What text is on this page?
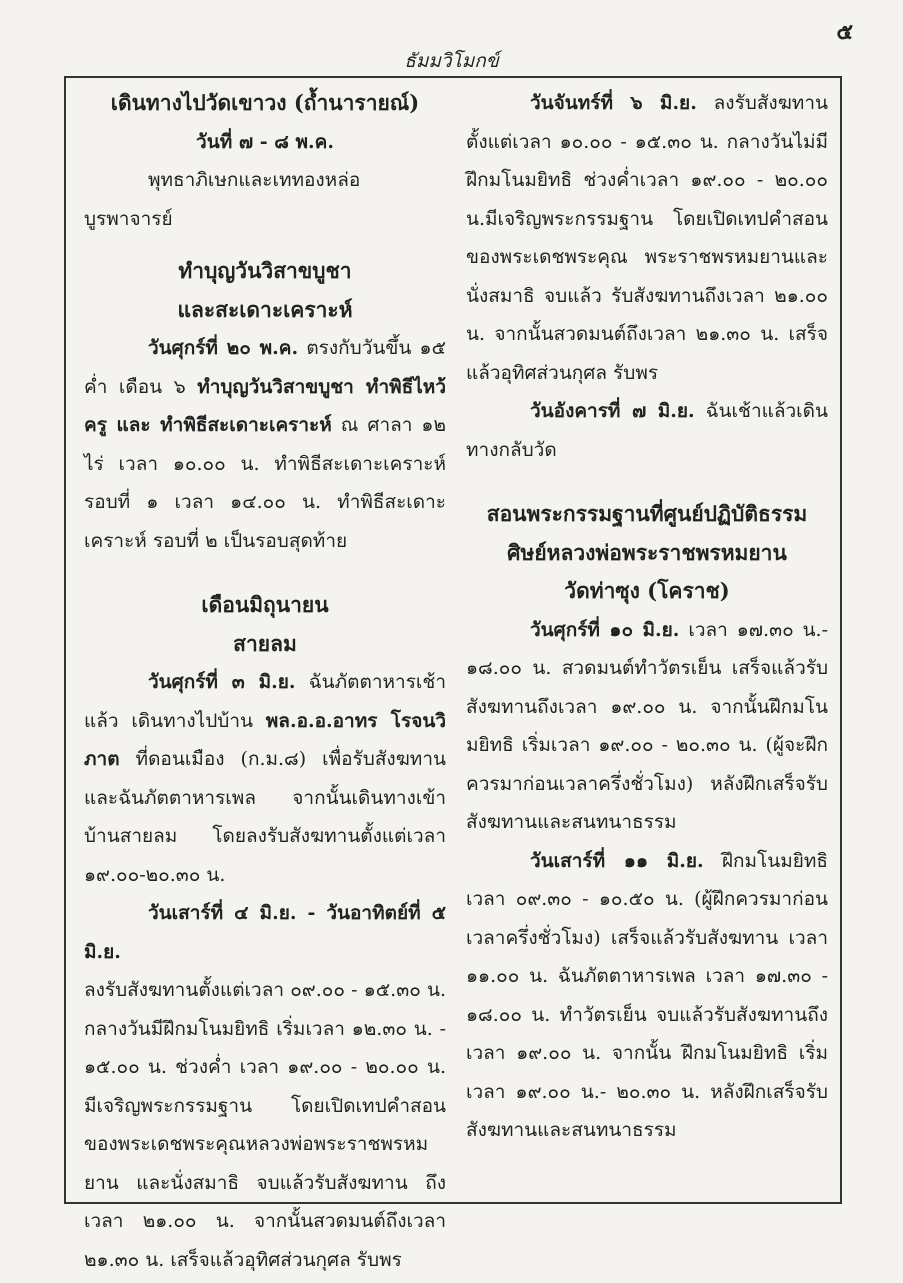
๕
ธัมมวิโมกข์

เดินทางไปวัดเขาวง (ถ้ำนารายณ์)

วันที่ ๗ - ๘ พ.ค.

พุทธาภิเษกและเททองหล่อบูรพาจารย์

ทำบุญวันวิสาขบูชา

และสะเดาะเคราะห์

วันศุกร์ที่ ๒๐ พ.ค. ตรงกับวันขึ้น ๑๕ ค่ำ เดือน ๖ ทำบุญวันวิสาขบูชา ทำพิธีไหว้ครู และ ทำพิธีสะเดาะเคราะห์ ณ ศาลา ๑๒ ไร่ เวลา ๑๐.๐๐ น. ทำพิธีสะเดาะเคราะห์ รอบที่ ๑ เวลา ๑๔.๐๐ น. ทำพิธีสะเดาะเคราะห์ รอบที่ ๒ เป็นรอบสุดท้าย

เดือนมิถุนายน

สายลม

วันศุกร์ที่ ๓ มิ.ย. ฉันภัตตาหารเช้าแล้ว เดินทางไปบ้าน พล.อ.อ.อาทร โรจนวิภาต ที่ดอนเมือง (ก.ม.๘) เพื่อรับสังฆทาน และฉันภัตตาหารเพล จากนั้นเดินทางเข้าบ้านสายลม โดยลงรับสังฆทานตั้งแต่เวลา ๑๙.๐๐-๒๐.๓๐ น.

วันเสาร์ที่ ๔ มิ.ย. - วันอาทิตย์ที่ ๕ มิ.ย.

ลงรับสังฆทานตั้งแต่เวลา ๐๙.๐๐ - ๑๕.๓๐ น. กลางวันมีฝึกมโนมยิทธิ เริ่มเวลา ๑๒.๓๐ น. - ๑๕.๐๐ น. ช่วงค่ำ เวลา ๑๙.๐๐ - ๒๐.๐๐ น. มีเจริญพระกรรมฐาน โดยเปิดเทปคำสอนของพระเดชพระคุณหลวงพ่อพระราชพรหมยาน และนั่งสมาธิ จบแล้วรับสังฆทาน ถึงเวลา ๒๑.๐๐ น. จากนั้นสวดมนต์ถึงเวลา ๒๑.๓๐ น. เสร็จแล้วอุทิศส่วนกุศล รับพร

วันจันทร์ที่ ๖ มิ.ย. ลงรับสังฆทานตั้งแต่เวลา ๑๐.๐๐ - ๑๕.๓๐ น. กลางวันไม่มีฝึกมโนมยิทธิ ช่วงค่ำเวลา ๑๙.๐๐ - ๒๐.๐๐ น.มีเจริญพระกรรมฐาน โดยเปิดเทปคำสอนของพระเดชพระคุณ พระราชพรหมยานและนั่งสมาธิ จบแล้ว รับสังฆทานถึงเวลา ๒๑.๐๐ น. จากนั้นสวดมนต์ถึงเวลา ๒๑.๓๐ น. เสร็จแล้วอุทิศส่วนกุศล รับพร

วันอังคารที่ ๗ มิ.ย. ฉันเช้าแล้วเดินทางกลับวัด

สอนพระกรรมฐานที่ศูนย์ปฏิบัติธรรม

ศิษย์หลวงพ่อพระราชพรหมยาน

วัดท่าซุง (โคราช)

วันศุกร์ที่ ๑๐ มิ.ย. เวลา ๑๗.๓๐ น.- ๑๘.๐๐ น. สวดมนต์ทำวัตรเย็น เสร็จแล้วรับสังฆทานถึงเวลา ๑๙.๐๐ น. จากนั้นฝึกมโนมยิทธิ เริ่มเวลา ๑๙.๐๐ - ๒๐.๓๐ น. (ผู้จะฝึกควรมาก่อนเวลาครึ่งชั่วโมง) หลังฝึกเสร็จรับสังฆทานและสนทนาธรรม

วันเสาร์ที่ ๑๑ มิ.ย. ฝึกมโนมยิทธิ เวลา ๐๙.๓๐ - ๑๐.๕๐ น. (ผู้ฝึกควรมาก่อนเวลาครึ่งชั่วโมง) เสร็จแล้วรับสังฆทาน เวลา ๑๑.๐๐ น. ฉันภัตตาหารเพล เวลา ๑๗.๓๐ - ๑๘.๐๐ น. ทำวัตรเย็น จบแล้วรับสังฆทานถึงเวลา ๑๙.๐๐ น. จากนั้น ฝึกมโนมยิทธิ เริ่มเวลา ๑๙.๐๐ น.- ๒๐.๓๐ น. หลังฝึกเสร็จรับสังฆทานและสนทนาธรรม
